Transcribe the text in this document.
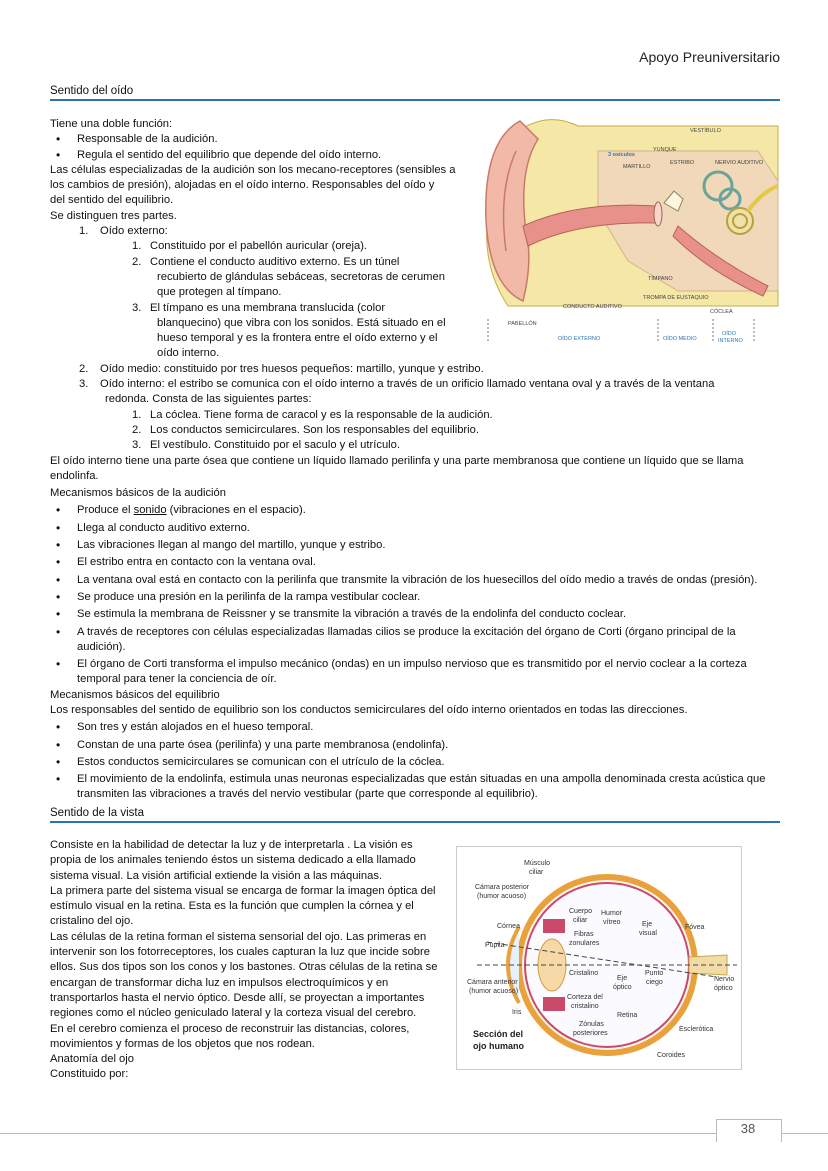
Apoyo Preuniversitario
Sentido del oído

Tiene una doble función:

• Responsable de la audición.

• Regula el sentido del equilibrio que depende del oído interno.

Las células especializadas de la audición son los mecano-receptores (sensibles a

los cambios de presión), alojadas en el oído interno. Responsables del oído y

del sentido del equilibrio.

Se distinguen tres partes.

1. Oído externo:

1. Constituido por el pabellón auricular (oreja).

2. Contiene el conducto auditivo externo. Es un túnel

recubierto de glándulas sebáceas, secretoras de cerumen

que protegen al tímpano.

3. El tímpano es una membrana translucida (color

blanquecino) que vibra con los sonidos. Está situado en el

hueso temporal y es la frontera entre el oído externo y el

oído interno.

2. Oído medio: constituido por tres huesos pequeños: martillo, yunque y estribo.

3. Oído interno: el estribo se comunica con el oído interno a través de un orificio llamado ventana oval y a través de la ventana

redonda. Consta de las siguientes partes:

1. La cóclea. Tiene forma de caracol y es la responsable de la audición.

2. Los conductos semicirculares. Son los responsables del equilibrio.

3. El vestíbulo. Constituido por el saculo y el utrículo.

El oído interno tiene una parte ósea que contiene un líquido llamado perilinfa y una parte membranosa que contiene un líquido que se llama

endolinfa.

Mecanismos básicos de la audición

• Produce el sonido (vibraciones en el espacio).

• Llega al conducto auditivo externo.

• Las vibraciones llegan al mango del martillo, yunque y estribo.

• El estribo entra en contacto con la ventana oval.

• La ventana oval está en contacto con la perilinfa que transmite la vibración de los huesecillos del oído medio a través de ondas (presión).

• Se produce una presión en la perilinfa de la rampa vestibular coclear.

• Se estimula la membrana de Reissner y se transmite la vibración a través de la endolinfa del conducto coclear.

• A través de receptores con células especializadas llamadas cilios se produce la excitación del órgano de Corti (órgano principal de la

audición).

• El órgano de Corti transforma el impulso mecánico (ondas) en un impulso nervioso que es transmitido por el nervio coclear a la corteza

temporal para tener la conciencia de oír.

Mecanismos básicos del equilibrio

Los responsables del sentido de equilibrio son los conductos semicirculares del oído interno orientados en todas las direcciones.

• Son tres y están alojados en el hueso temporal.

• Constan de una parte ósea (perilinfa) y una parte membranosa (endolinfa).

• Estos conductos semicirculares se comunican con el utrículo de la cóclea.

• El movimiento de la endolinfa, estimula unas neuronas especializadas que están situadas en una ampolla denominada cresta acústica que

transmiten las vibraciones a través del nervio vestibular (parte que corresponde al equilibrio).

VESTÍBULO
3 osículos
YUNQUE
MARTILLO
ESTRIBO	NERVIO AUDITIVO
TÍMPANO
TROMPA DE EUSTAQUIO
CONDUCTO AUDITIVO
CÓCLEA
PABELLÓN
OÍDO EXTERNO	OÍDO MEDIO
OÍDO
INTERNO
Sentido de la vista

Consiste en la habilidad de detectar la luz y de interpretarla . La visión es

propia de los animales teniendo éstos un sistema dedicado a ella llamado

sistema visual. La visión artificial extiende la visión a las máquinas.

La primera parte del sistema visual se encarga de formar la imagen óptica del

estímulo visual en la retina. Esta es la función que cumplen la córnea y el

cristalino del ojo.

Las células de la retina forman el sistema sensorial del ojo. Las primeras en

intervenir son los fotorreceptores, los cuales capturan la luz que incide sobre

ellos. Sus dos tipos son los conos y los bastones. Otras células de la retina se

encargan de transformar dicha luz en impulsos electroquímicos y en

transportarlos hasta el nervio óptico. Desde allí, se proyectan a importantes

regiones como el núcleo geniculado lateral y la corteza visual del cerebro.

En el cerebro comienza el proceso de reconstruir las distancias, colores,

movimientos y formas de los objetos que nos rodean.

Anatomía del ojo

Constituido por:

Músculo
ciliar
Cámara posterior
(humor acuoso)
Cuerpo
ciliar
Humor
vítreo
Córnea
Fibras
zonulares
Eje
visual
Fóvea
Pupila
Cristalino
Eje
óptico
Punto
ciego
Cámara anterior
(humor acuoso)
Corteza del
cristalino
Nervio
óptico
Iris	Retina
Zónulas
posteriores
Esclerótica
Sección del
ojo humano
Coroides
38
